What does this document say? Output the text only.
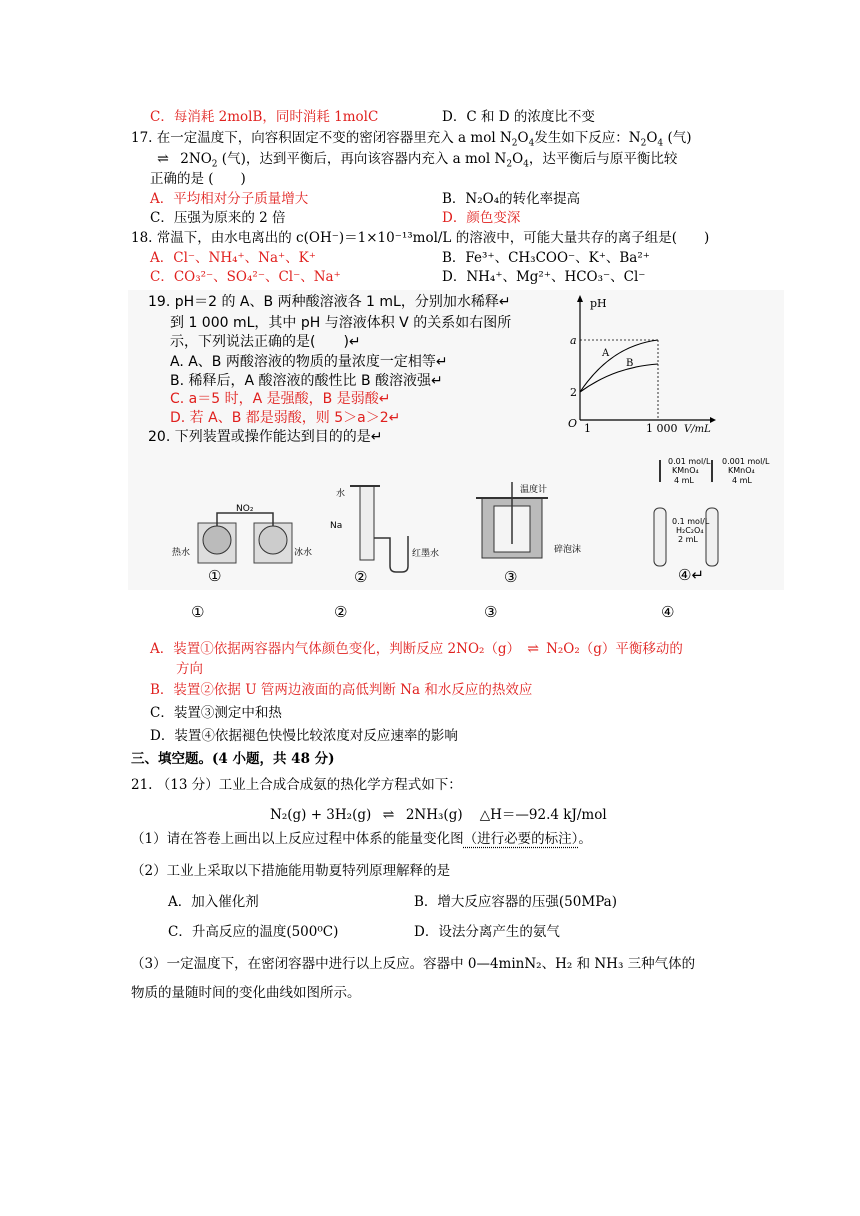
C．每消耗 2molB，同时消耗 1molC	D．C 和 D 的浓度比不变
17. 在一定温度下，向容积固定不变的密闭容器里充入 a mol $N_2O_4$发生如下反应：$N_2O_4$ (气)
⇌ $2NO_2$ (气)，达到平衡后，再向该容器内充入 a mol $N_2O_4$，达平衡后与原平衡比较
正确的是 (　　)
A．平均相对分子质量增大	B．N₂O₄的转化率提高
C．压强为原来的 2 倍	D．颜色变深
18. 常温下，由水电离出的 c(OH⁻)＝1×10⁻¹³mol/L 的溶液中，可能大量共存的离子组是(　　)
A．Cl⁻、NH₄⁺、Na⁺、K⁺	B．Fe³⁺、CH₃COO⁻、K⁺、Ba²⁺
C．CO₃²⁻、SO₄²⁻、Cl⁻、Na⁺	D．NH₄⁺、Mg²⁺、HCO₃⁻、Cl⁻
19. pH＝2 的 A、B 两种酸溶液各 1 mL，分别加水稀释↵
到 1 000 mL，其中 pH 与溶液体积 V 的关系如右图所
示，下列说法正确的是(　　)↵
A. A、B 两酸溶液的物质的量浓度一定相等↵
B. 稀释后，A 酸溶液的酸性比 B 酸溶液强↵
C. a＝5 时，A 是强酸，B 是弱酸↵
D. 若 A、B 都是弱酸，则 5＞a＞2↵
pH
a
2
O 1	1 000 V/mL
A
B
20. 下列装置或操作能达到目的的是↵
NO₂
热水	冰水
①
水
Na
红墨水
②
温度计
碎泡沫
③
0.01 mol/L
KMnO₄
4 mL
0.001 mol/L
KMnO₄
4 mL
0.1 mol/L
H₂C₂O₄
2 mL
④↵
①	②	③	④
A．装置①依据两容器内气体颜色变化，判断反应 2NO₂（g） ⇌ N₂O₂（g）平衡移动的
方向
B．装置②依据 U 管两边液面的高低判断 Na 和水反应的热效应
C．装置③测定中和热
D．装置④依据褪色快慢比较浓度对反应速率的影响
三、填空题。(4 小题，共 48 分)
21. （13 分）工业上合成合成氨的热化学方程式如下：
N₂(g) + 3H₂(g) ⇌ 2NH₃(g) △H＝—92.4 kJ/mol
（1）请在答卷上画出以上反应过程中体系的能量变化图（进行必要的标注）。
（2）工业上采取以下措施能用勒夏特列原理解释的是
A．加入催化剂	B．增大反应容器的压强(50MPa)
C．升高反应的温度(500⁰C)	D．设法分离产生的氨气
（3）一定温度下，在密闭容器中进行以上反应。容器中 0—4minN₂、H₂ 和 NH₃ 三种气体的
物质的量随时间的变化曲线如图所示。
